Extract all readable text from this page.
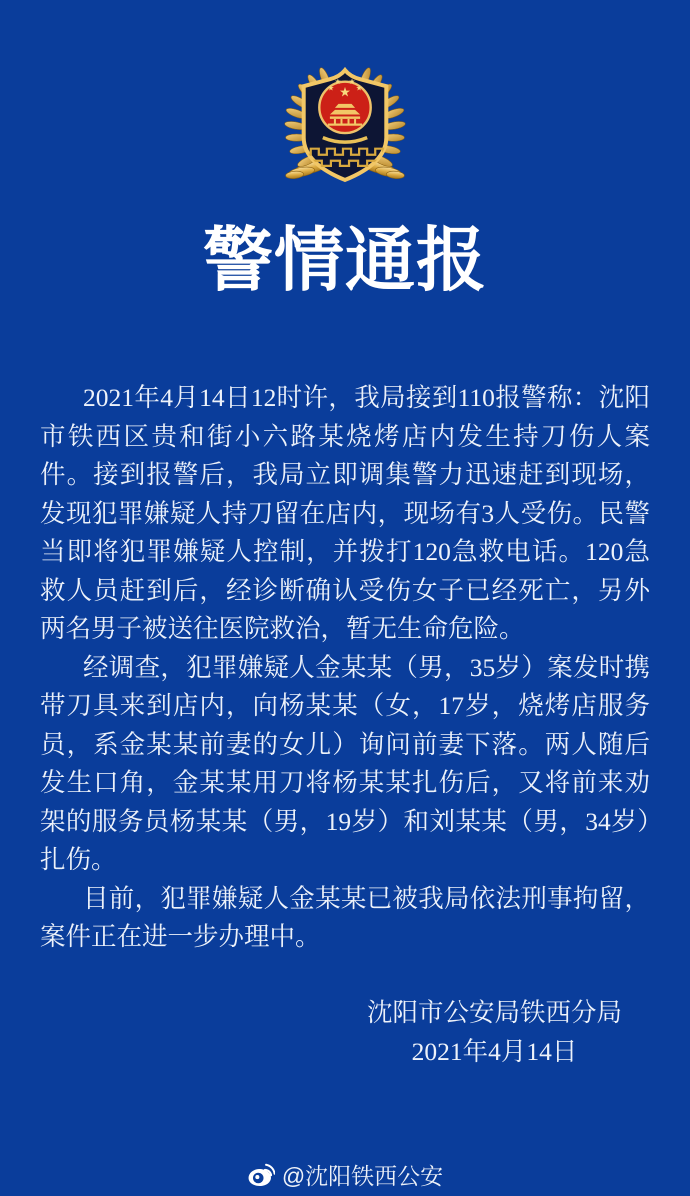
★
★
★ ★
★
警情通报

2021年4月14日12时许，我局接到110报警称：沈阳市铁西区贵和街小六路某烧烤店内发生持刀伤人案件。接到报警后，我局立即调集警力迅速赶到现场，发现犯罪嫌疑人持刀留在店内，现场有3人受伤。民警当即将犯罪嫌疑人控制，并拨打120急救电话。120急救人员赶到后，经诊断确认受伤女子已经死亡，另外两名男子被送往医院救治，暂无生命危险。

经调查，犯罪嫌疑人金某某（男，35岁）案发时携带刀具来到店内，向杨某某（女，17岁，烧烤店服务员，系金某某前妻的女儿）询问前妻下落。两人随后发生口角，金某某用刀将杨某某扎伤后，又将前来劝架的服务员杨某某（男，19岁）和刘某某（男，34岁）扎伤。

目前，犯罪嫌疑人金某某已被我局依法刑事拘留，案件正在进一步办理中。

沈阳市公安局铁西分局
2021年4月14日
@沈阳铁西公安
